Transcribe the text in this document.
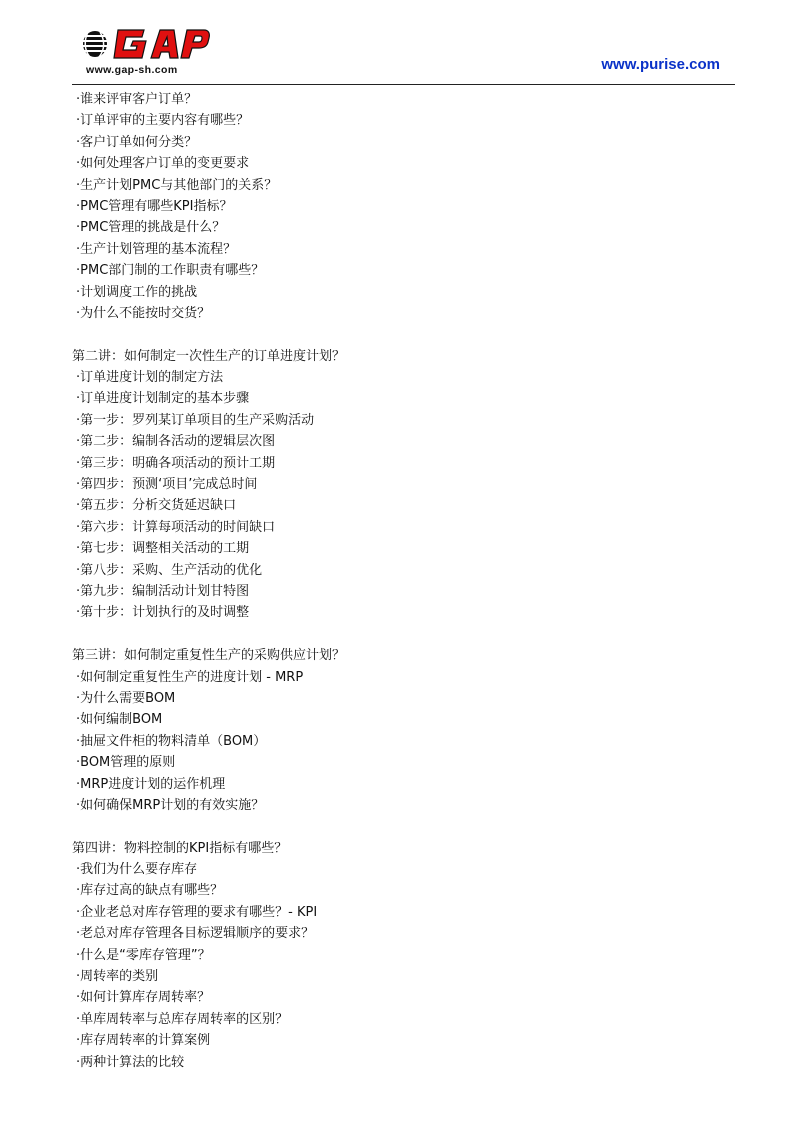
www.gap-sh.com	www.purise.com
·谁来评审客户订单？
·订单评审的主要内容有哪些？
·客户订单如何分类？
·如何处理客户订单的变更要求
·生产计划PMC与其他部门的关系？
·PMC管理有哪些KPI指标？
·PMC管理的挑战是什么？
·生产计划管理的基本流程？
·PMC部门制的工作职责有哪些？
·计划调度工作的挑战
·为什么不能按时交货？
第二讲：如何制定一次性生产的订单进度计划？
·订单进度计划的制定方法
·订单进度计划制定的基本步骤
·第一步：罗列某订单项目的生产采购活动
·第二步：编制各活动的逻辑层次图
·第三步：明确各项活动的预计工期
·第四步：预测‘项目’完成总时间
·第五步：分析交货延迟缺口
·第六步：计算每项活动的时间缺口
·第七步：调整相关活动的工期
·第八步：采购、生产活动的优化
·第九步：编制活动计划甘特图
·第十步：计划执行的及时调整
第三讲：如何制定重复性生产的采购供应计划？
·如何制定重复性生产的进度计划 - MRP
·为什么需要BOM
·如何编制BOM
·抽屉文件柜的物料清单（BOM）
·BOM管理的原则
·MRP进度计划的运作机理
·如何确保MRP计划的有效实施？
第四讲：物料控制的KPI指标有哪些？
·我们为什么要存库存
·库存过高的缺点有哪些？
·企业老总对库存管理的要求有哪些？- KPI
·老总对库存管理各目标逻辑顺序的要求？
·什么是“零库存管理”？
·周转率的类别
·如何计算库存周转率？
·单库周转率与总库存周转率的区别？
·库存周转率的计算案例
·两种计算法的比较
